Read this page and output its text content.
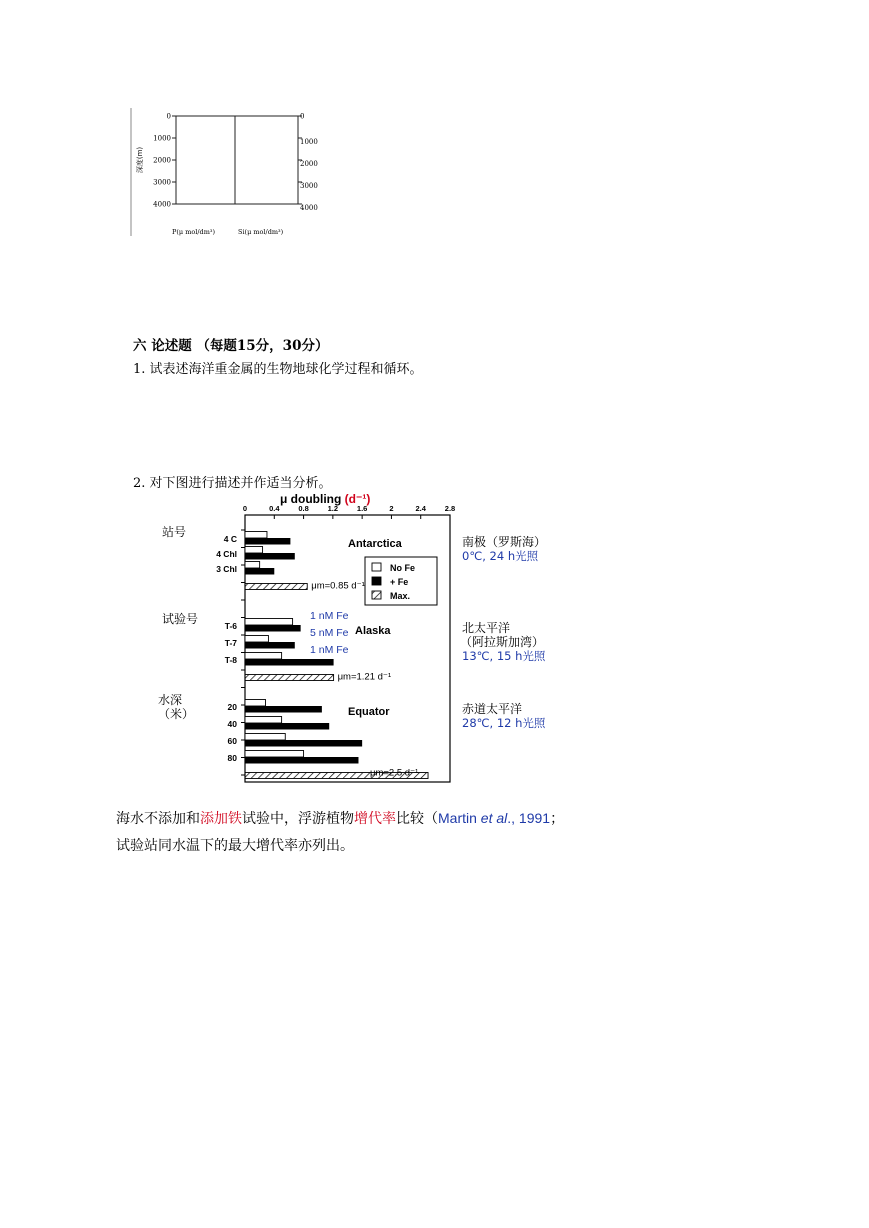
0	0
1000	1000
2000	2000
3000	3000
4000	4000
深度(m)
P(μ mol/dm³)	Si(μ mol/dm³)
六 论述题 （每题15分，30分）
1. 试表述海洋重金属的生物地球化学过程和循环。
2. 对下图进行描述并作适当分析。
μ doubling (d⁻¹)
0	0.4	0.8	1.2	1.6	2	2.4	2.8
站号
Antarctica
4 C
4 Chl
3 Chl
μm=0.85 d⁻¹
南极（罗斯海）
0℃, 24 h光照
试验号
Alaska
T-6
1 nM Fe
T-7
5 nM Fe
T-8
1 nM Fe
μm=1.21 d⁻¹
北太平洋
（阿拉斯加湾）
13℃, 15 h光照
水深
（米）	Equator
20
40
60
80
μm=2.5 d⁻¹
赤道太平洋
28℃, 12 h光照
No Fe
+ Fe
Max.
海水不添加和添加铁试验中，浮游植物增代率比较（Martin et al., 1991；
试验站同水温下的最大增代率亦列出。
